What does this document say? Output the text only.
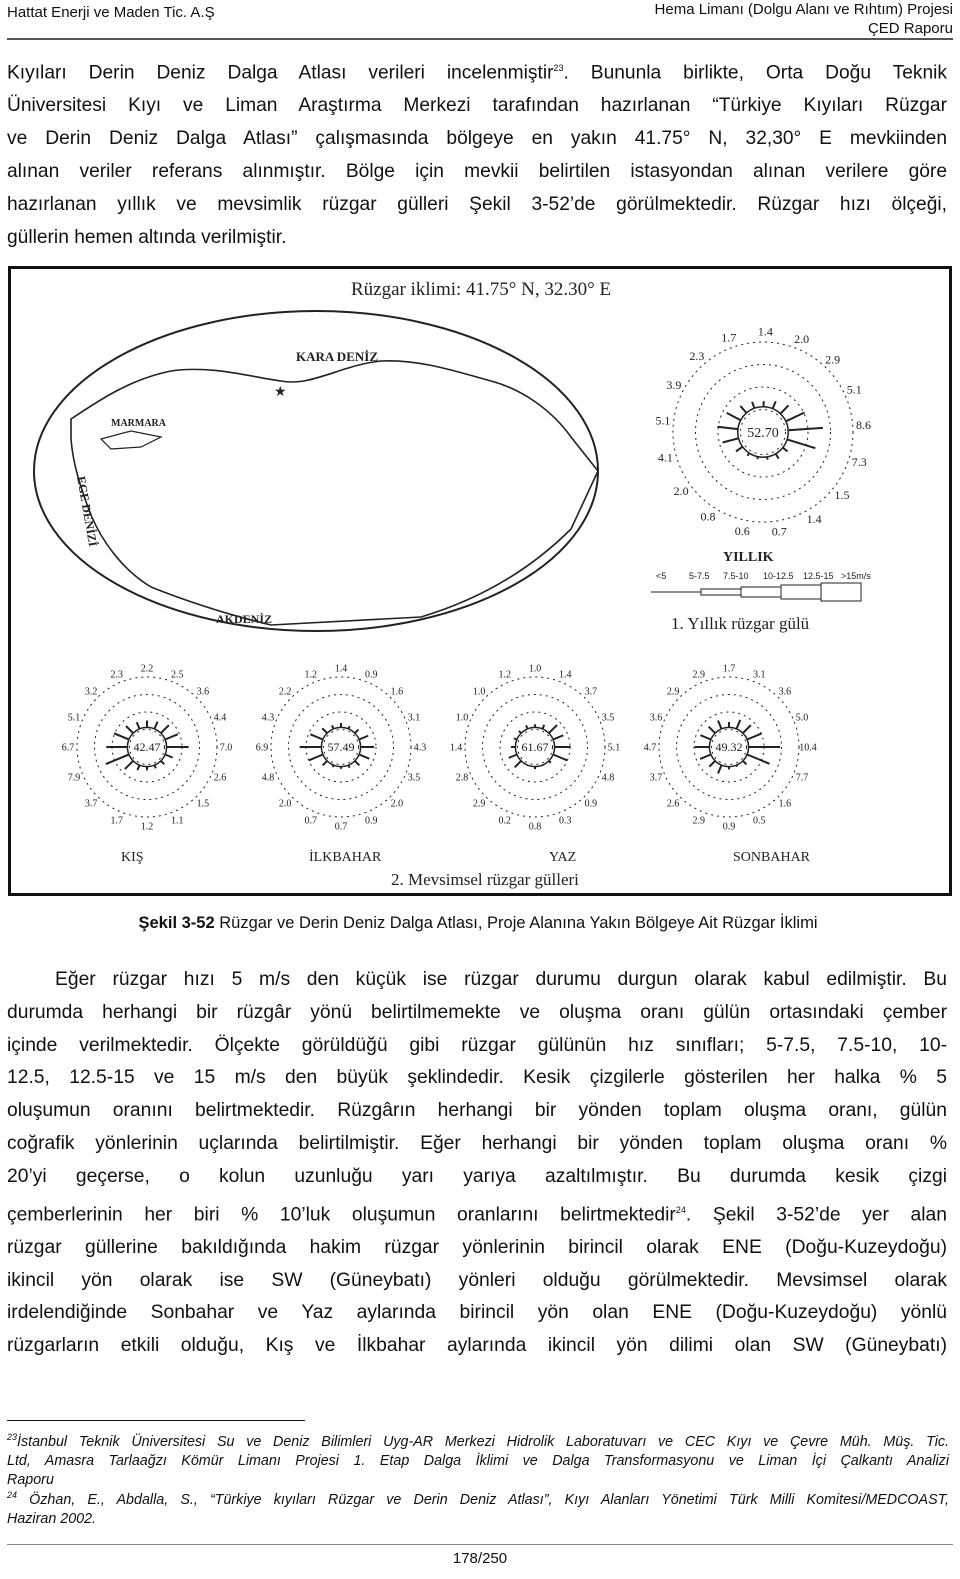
Hattat Enerji ve Maden Tic. A.Ş	Hema Limanı (Dolgu Alanı ve Rıhtım) Projesi
ÇED Raporu
Kıyıları Derin Deniz Dalga Atlası verileri incelenmiştir$^{23}$. Bununla birlikte, Orta Doğu Teknik
Üniversitesi Kıyı ve Liman Araştırma Merkezi tarafından hazırlanan “Türkiye Kıyıları Rüzgar
ve Derin Deniz Dalga Atlası” çalışmasında bölgeye en yakın 41.75° N, 32,30° E mevkiinden
alınan veriler referans alınmıştır. Bölge için mevkii belirtilen istasyondan alınan verilere göre
hazırlanan yıllık ve mevsimlik rüzgar gülleri Şekil 3-52’de görülmektedir. Rüzgar hızı ölçeği,
güllerin hemen altında verilmiştir.
Rüzgar iklimi: 41.75° N, 32.30° E
★
KARA DENİZ
MARMARA
EGE DENİZİ
AKDENİZ
2.0
2.9
5.1
8.6
7.3
1.5
1.4
0.7
0.6
0.8
2.0
4.1
5.1
3.9
2.3
1.7 1.4
52.70
YILLIK
<5	5-7.5 7.5-10 10-12.5 12.5-15 >15m/s
1. Yıllık rüzgar gülü
2.5
3.6
4.4
7.0
2.6
1.5
1.1
1.2
1.7
3.7
7.9
6.7
5.1
3.2
2.3
2.2
42.47
0.9
1.6
3.1
4.3
3.5
2.0
0.9
0.7
0.7
2.0
4.8
6.9
4.3
2.2
1.2
1.4
57.49
1.4
3.7
3.5
5.1
4.8
0.9
0.3
0.8
0.2
2.9
2.8
1.4
1.0
1.0
1.2
1.0
61.67
3.1
3.6
5.0
10.4
7.7
1.6
0.5
0.9
2.9
2.6
3.7
4.7
3.6
2.9
2.9
1.7
49.32
KIŞ	İLKBAHAR	YAZ	SONBAHAR
2. Mevsimsel rüzgar gülleri
Şekil 3-52 Rüzgar ve Derin Deniz Dalga Atlası, Proje Alanına Yakın Bölgeye Ait Rüzgar İklimi
Eğer rüzgar hızı 5 m/s den küçük ise rüzgar durumu durgun olarak kabul edilmiştir. Bu
durumda herhangi bir rüzgâr yönü belirtilmemekte ve oluşma oranı gülün ortasındaki çember
içinde verilmektedir. Ölçekte görüldüğü gibi rüzgar gülünün hız sınıfları; 5-7.5, 7.5-10, 10-
12.5, 12.5-15 ve 15 m/s den büyük şeklindedir. Kesik çizgilerle gösterilen her halka % 5
oluşumun oranını belirtmektedir. Rüzgârın herhangi bir yönden toplam oluşma oranı, gülün
coğrafik yönlerinin uçlarında belirtilmiştir. Eğer herhangi bir yönden toplam oluşma oranı %
20’yi geçerse, o kolun uzunluğu yarı yarıya azaltılmıştır. Bu durumda kesik çizgi
çemberlerinin her biri % 10’luk oluşumun oranlarını belirtmektedir$^{24}$. Şekil 3-52’de yer alan
rüzgar güllerine bakıldığında hakim rüzgar yönlerinin birincil olarak ENE (Doğu-Kuzeydoğu)
ikincil yön olarak ise SW (Güneybatı) yönleri olduğu görülmektedir. Mevsimsel olarak
irdelendiğinde Sonbahar ve Yaz aylarında birincil yön olan ENE (Doğu-Kuzeydoğu) yönlü
rüzgarların etkili olduğu, Kış ve İlkbahar aylarında ikincil yön dilimi olan SW (Güneybatı)
$^{23}$İstanbul Teknik Üniversitesi Su ve Deniz Bilimleri Uyg-AR Merkezi Hidrolik Laboratuvarı ve CEC Kıyı ve Çevre Müh. Müş. Tic.
Ltd, Amasra Tarlaağzı Kömür Limanı Projesi 1. Etap Dalga İklimi ve Dalga Transformasyonu ve Liman İçi Çalkantı Analizi
Raporu
$^{24}$ Özhan, E., Abdalla, S., “Türkiye kıyıları Rüzgar ve Derin Deniz Atlası”, Kıyı Alanları Yönetimi Türk Milli Komitesi/MEDCOAST,
Haziran 2002.
178/250
